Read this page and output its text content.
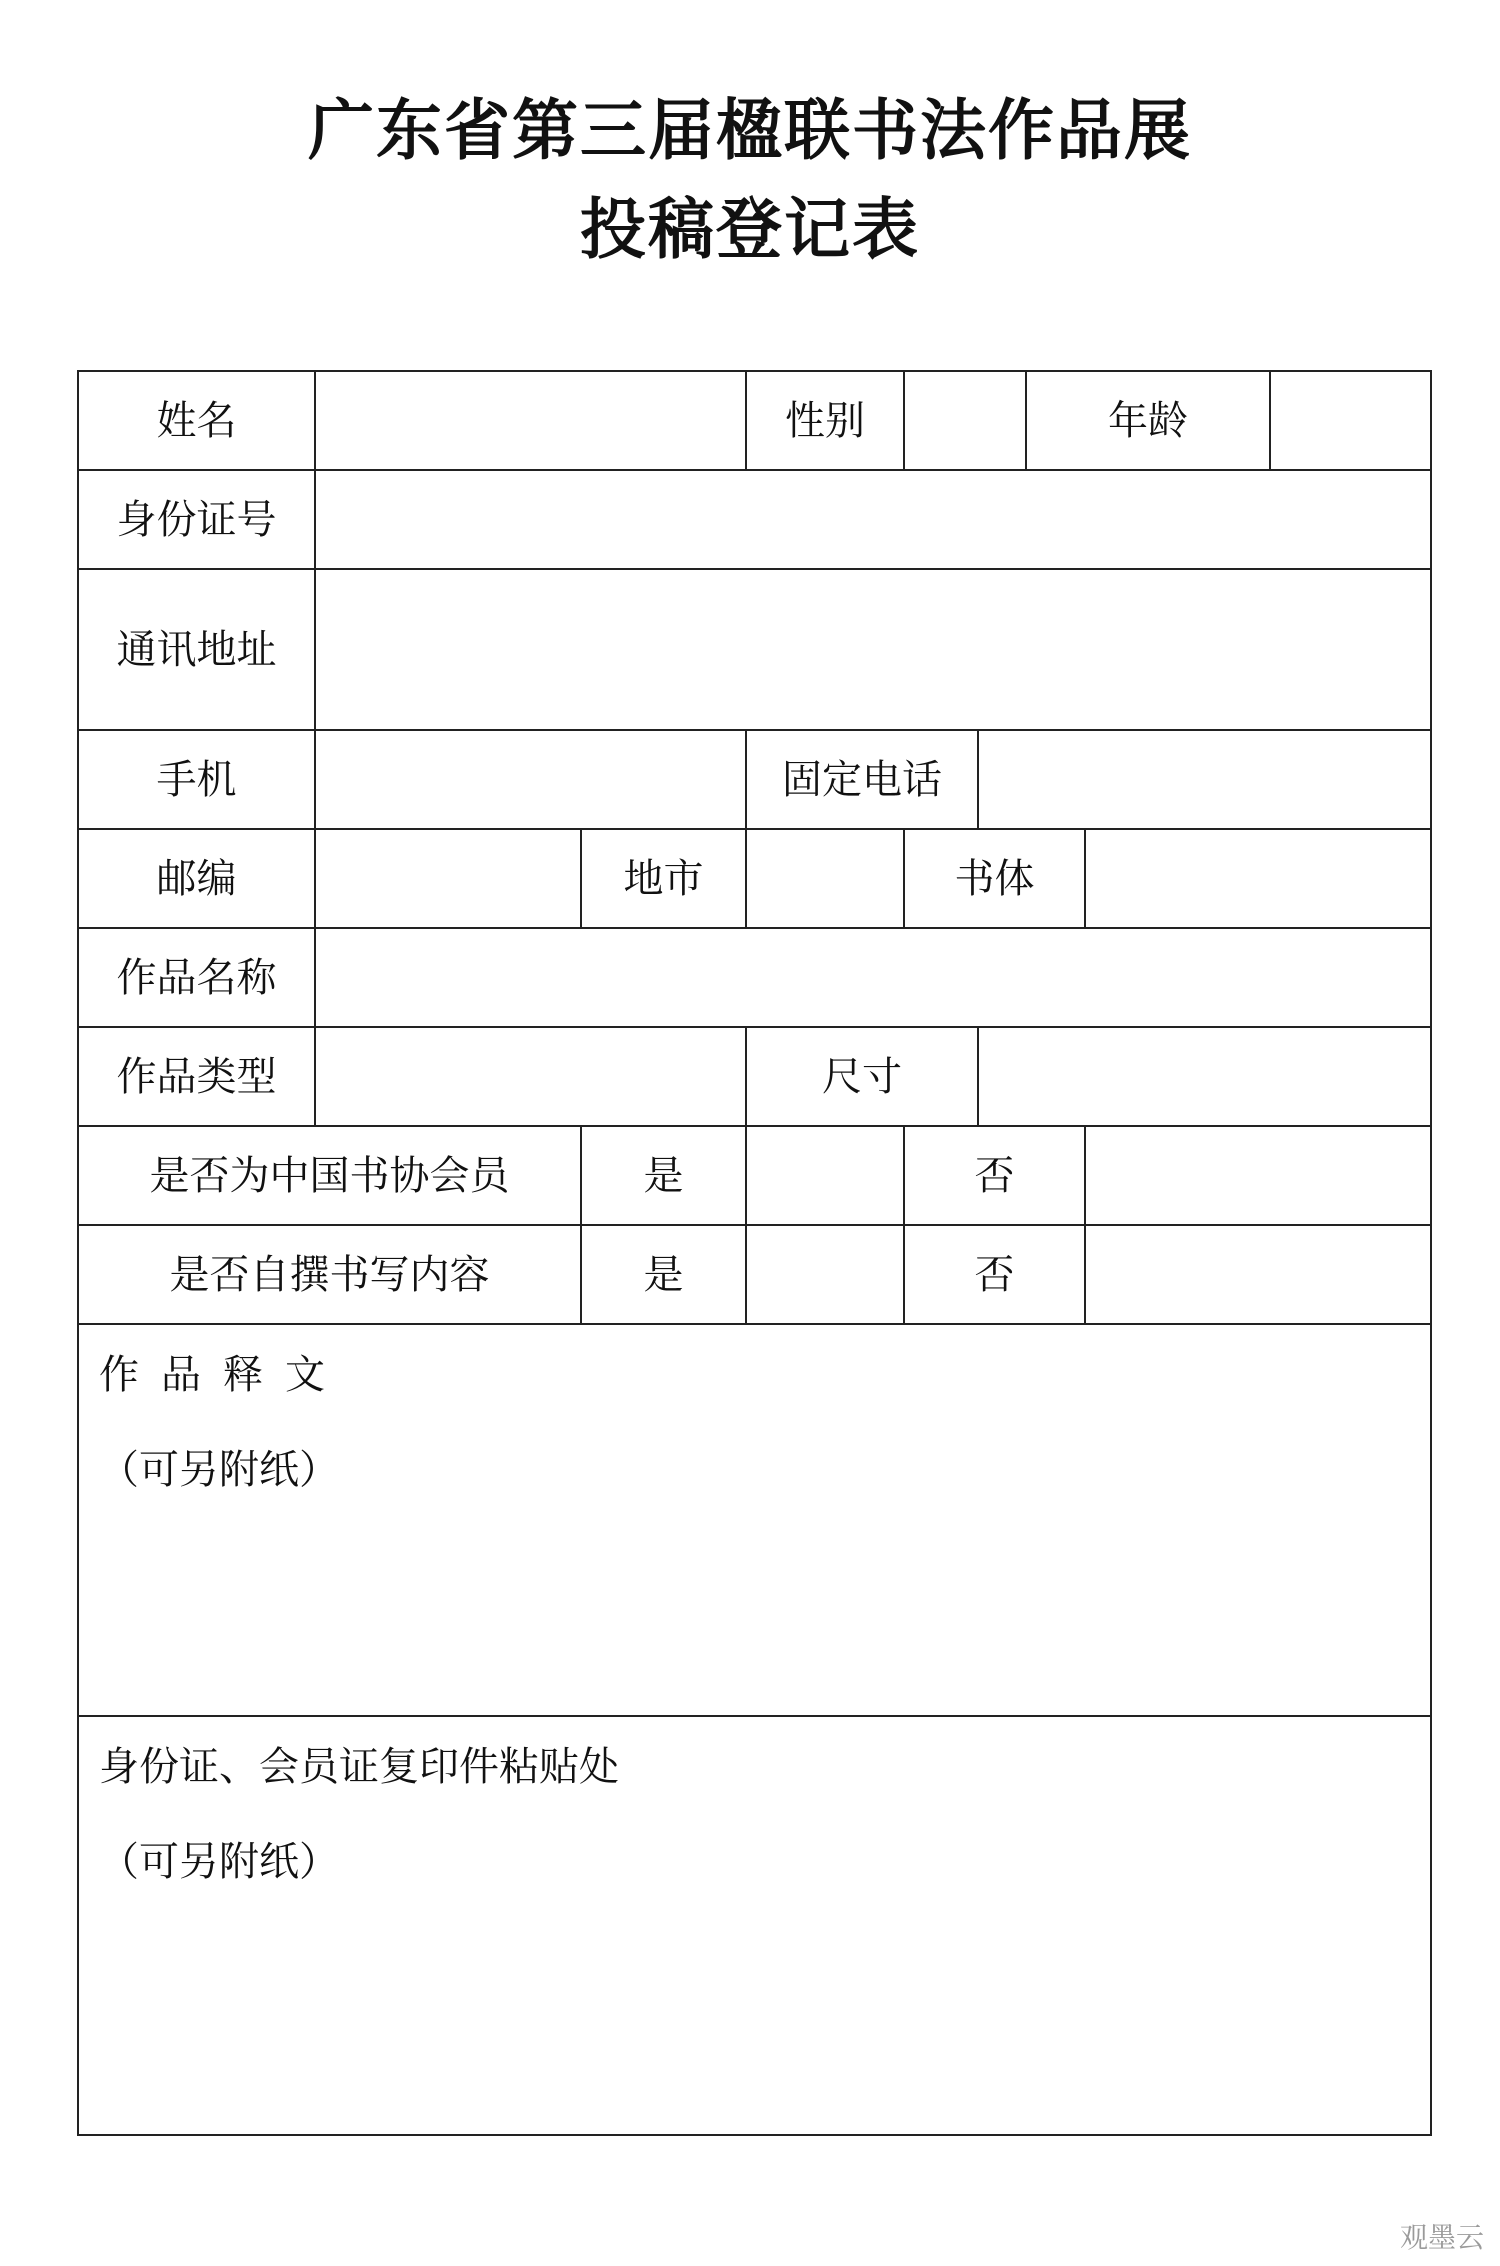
广东省第三届楹联书法作品展
投稿登记表
姓名			性别			年龄		
身份证号								
通讯地址								
手机			固定电话					
邮编		地市		书体				
作品名称								
作品类型			尺寸					
是否为中国书协会员		是		否				
是否自撰书写内容		是		否				

作品释文
（可另附纸）								

身份证、会员证复印件粘贴处
（可另附纸）								
观墨云
